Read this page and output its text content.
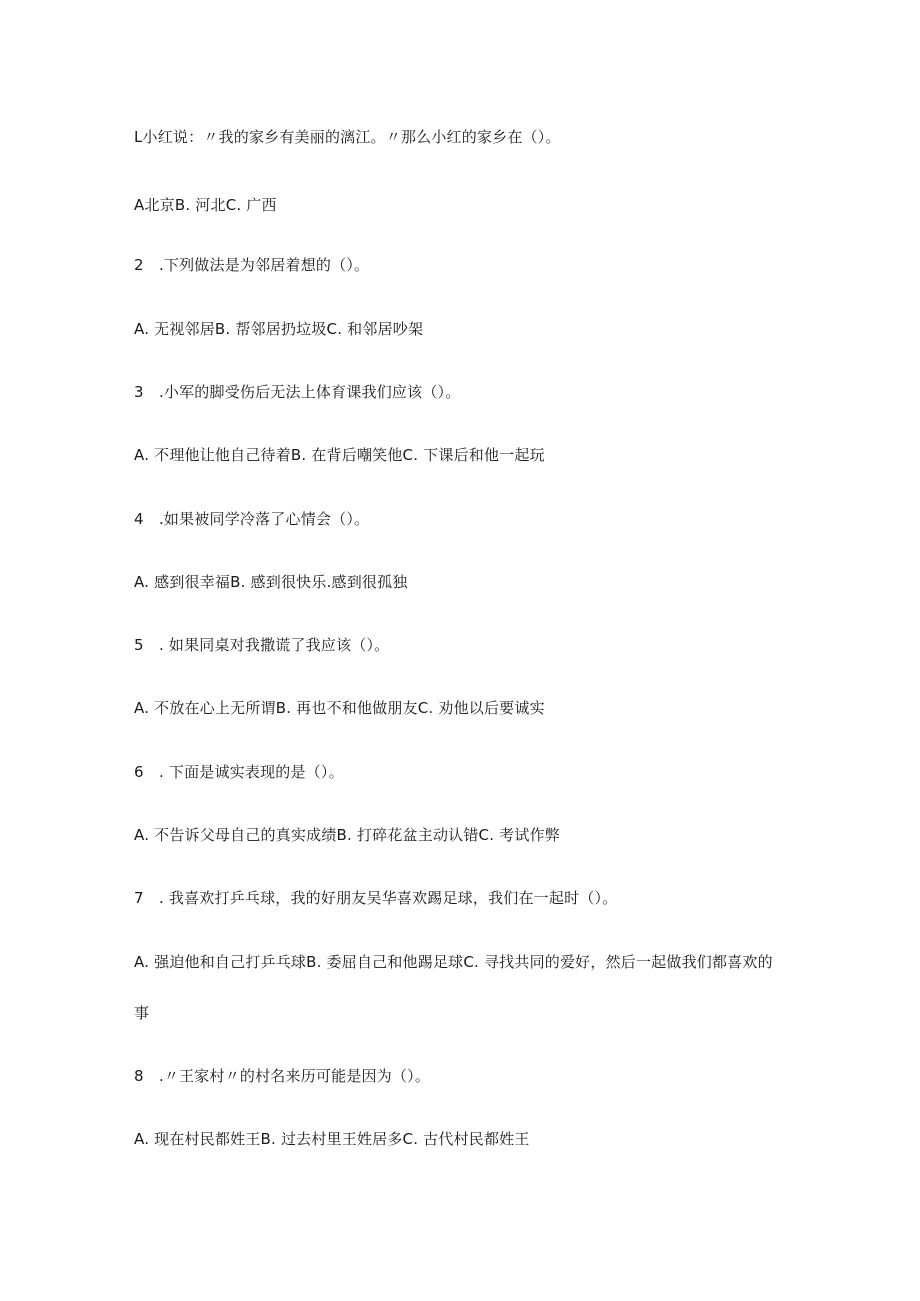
L小红说：〃我的家乡有美丽的漓江。〃那么小红的家乡在（）。
A北京B. 河北C. 广西
2　.下列做法是为邻居着想的（）。
A. 无视邻居B. 帮邻居扔垃圾C. 和邻居吵架
3　.小军的脚受伤后无法上体育课我们应该（）。
A. 不理他让他自己待着B. 在背后嘲笑他C. 下课后和他一起玩
4　.如果被同学冷落了心情会（）。
A. 感到很幸福B. 感到很快乐.感到很孤独
5　. 如果同桌对我撒谎了我应该（）。
A. 不放在心上无所谓B. 再也不和他做朋友C. 劝他以后要诚实
6　. 下面是诚实表现的是（）。
A. 不告诉父母自己的真实成绩B. 打碎花盆主动认错C. 考试作弊
7　. 我喜欢打乒乓球，我的好朋友吴华喜欢踢足球，我们在一起时（）。
A. 强迫他和自己打乒乓球B. 委屈自己和他踢足球C. 寻找共同的爱好，然后一起做我们都喜欢的
事
8　.〃王家村〃的村名来历可能是因为（）。
A. 现在村民都姓王B. 过去村里王姓居多C. 古代村民都姓王
